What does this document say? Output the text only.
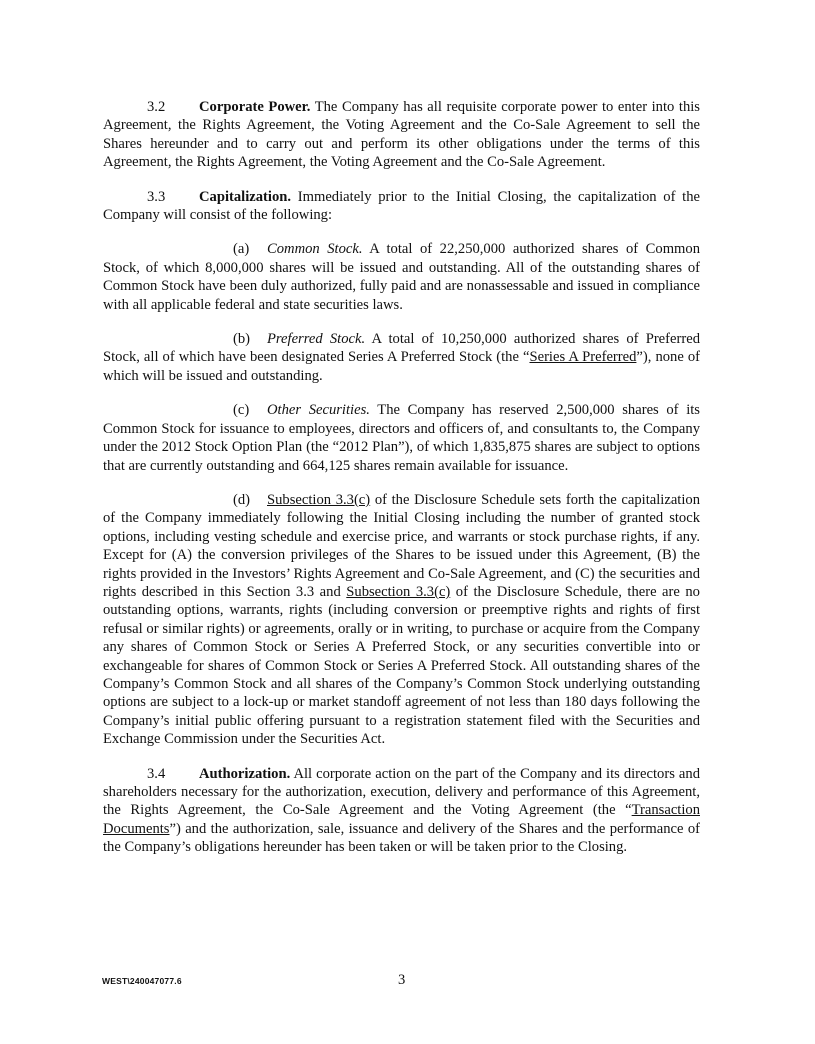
3.2 Corporate Power. The Company has all requisite corporate power to enter into this Agreement, the Rights Agreement, the Voting Agreement and the Co-Sale Agreement to sell the Shares hereunder and to carry out and perform its other obligations under the terms of this Agreement, the Rights Agreement, the Voting Agreement and the Co-Sale Agreement.

3.3 Capitalization. Immediately prior to the Initial Closing, the capitalization of the Company will consist of the following:

(a) Common Stock. A total of 22,250,000 authorized shares of Common Stock, of which 8,000,000 shares will be issued and outstanding. All of the outstanding shares of Common Stock have been duly authorized, fully paid and are nonassessable and issued in compliance with all applicable federal and state securities laws.

(b) Preferred Stock. A total of 10,250,000 authorized shares of Preferred Stock, all of which have been designated Series A Preferred Stock (the “Series A Preferred”), none of which will be issued and outstanding.

(c) Other Securities. The Company has reserved 2,500,000 shares of its Common Stock for issuance to employees, directors and officers of, and consultants to, the Company under the 2012 Stock Option Plan (the “2012 Plan”), of which 1,835,875 shares are subject to options that are currently outstanding and 664,125 shares remain available for issuance.

(d) Subsection 3.3(c) of the Disclosure Schedule sets forth the capitalization of the Company immediately following the Initial Closing including the number of granted stock options, including vesting schedule and exercise price, and warrants or stock purchase rights, if any. Except for (A) the conversion privileges of the Shares to be issued under this Agreement, (B) the rights provided in the Investors’ Rights Agreement and Co-Sale Agreement, and (C) the securities and rights described in this Section 3.3 and Subsection 3.3(c) of the Disclosure Schedule, there are no outstanding options, warrants, rights (including conversion or preemptive rights and rights of first refusal or similar rights) or agreements, orally or in writing, to purchase or acquire from the Company any shares of Common Stock or Series A Preferred Stock, or any securities convertible into or exchangeable for shares of Common Stock or Series A Preferred Stock. All outstanding shares of the Company’s Common Stock and all shares of the Company’s Common Stock underlying outstanding options are subject to a lock-up or market standoff agreement of not less than 180 days following the Company’s initial public offering pursuant to a registration statement filed with the Securities and Exchange Commission under the Securities Act.

3.4 Authorization. All corporate action on the part of the Company and its directors and shareholders necessary for the authorization, execution, delivery and performance of this Agreement, the Rights Agreement, the Co-Sale Agreement and the Voting Agreement (the “Transaction Documents”) and the authorization, sale, issuance and delivery of the Shares and the performance of the Company’s obligations hereunder has been taken or will be taken prior to the Closing.

WEST\240047077.6	3
